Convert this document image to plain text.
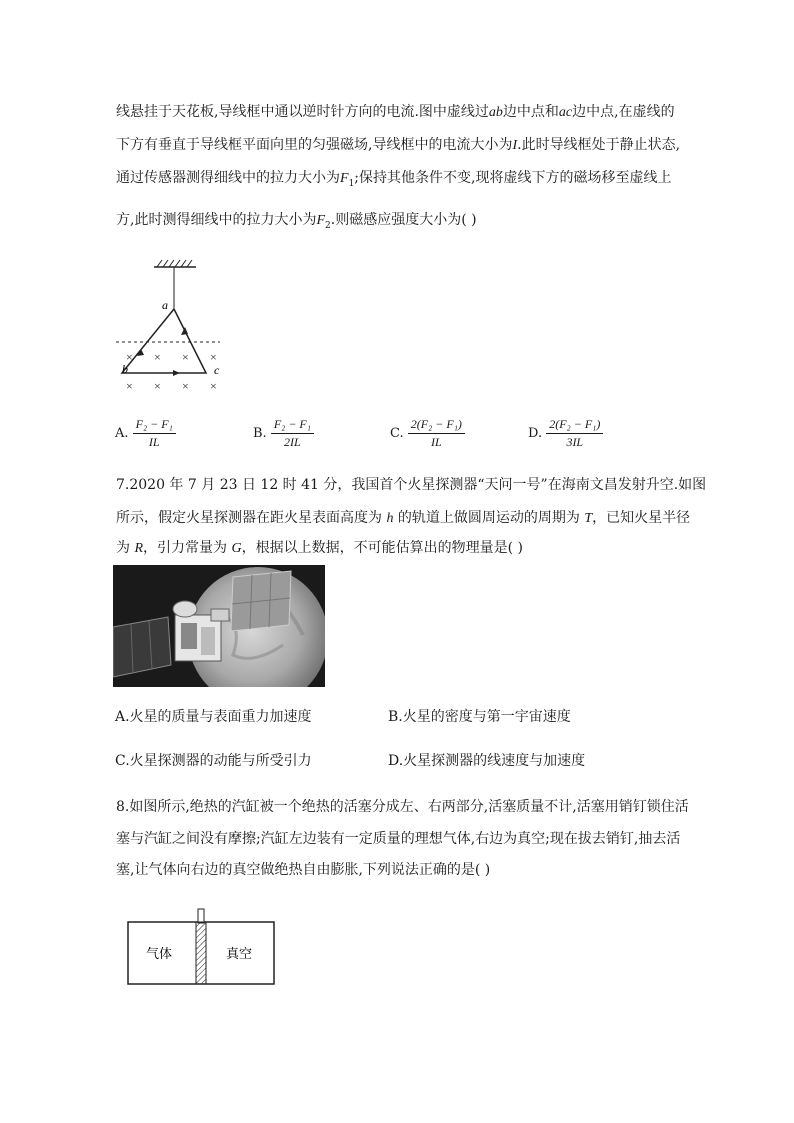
线悬挂于天花板,导线框中通以逆时针方向的电流.图中虚线过ab边中点和ac边中点,在虚线的
下方有垂直于导线框平面向里的匀强磁场,导线框中的电流大小为I.此时导线框处于静止状态,
通过传感器测得细线中的拉力大小为$F_1$;保持其他条件不变,现将虚线下方的磁场移至虚线上
方,此时测得细线中的拉力大小为$F_2$.则磁感应强度大小为( )
a
b	c
× × × ×
× × × ×
A. $\frac{\text{F₂ − F₁}}{IL}$	B. $\frac{\text{F₂ − F₁}}{2IL}$	C. $\frac{\text{2(F₂ − F₁)}}{IL}$	D. $\frac{\text{2(F₂ − F₁)}}{3IL}$
7.2020 年 7 月 23 日 12 时 41 分，我国首个火星探测器“天问一号”在海南文昌发射升空.如图
所示，假定火星探测器在距火星表面高度为 h 的轨道上做圆周运动的周期为 T，已知火星半径
为 R，引力常量为 G，根据以上数据，不可能估算出的物理量是( )
A.火星的质量与表面重力加速度	B.火星的密度与第一宇宙速度
C.火星探测器的动能与所受引力	D.火星探测器的线速度与加速度
8.如图所示,绝热的汽缸被一个绝热的活塞分成左、右两部分,活塞质量不计,活塞用销钉锁住活
塞与汽缸之间没有摩擦;汽缸左边装有一定质量的理想气体,右边为真空;现在拔去销钉,抽去活
塞,让气体向右边的真空做绝热自由膨胀,下列说法正确的是( )
气体	真空
